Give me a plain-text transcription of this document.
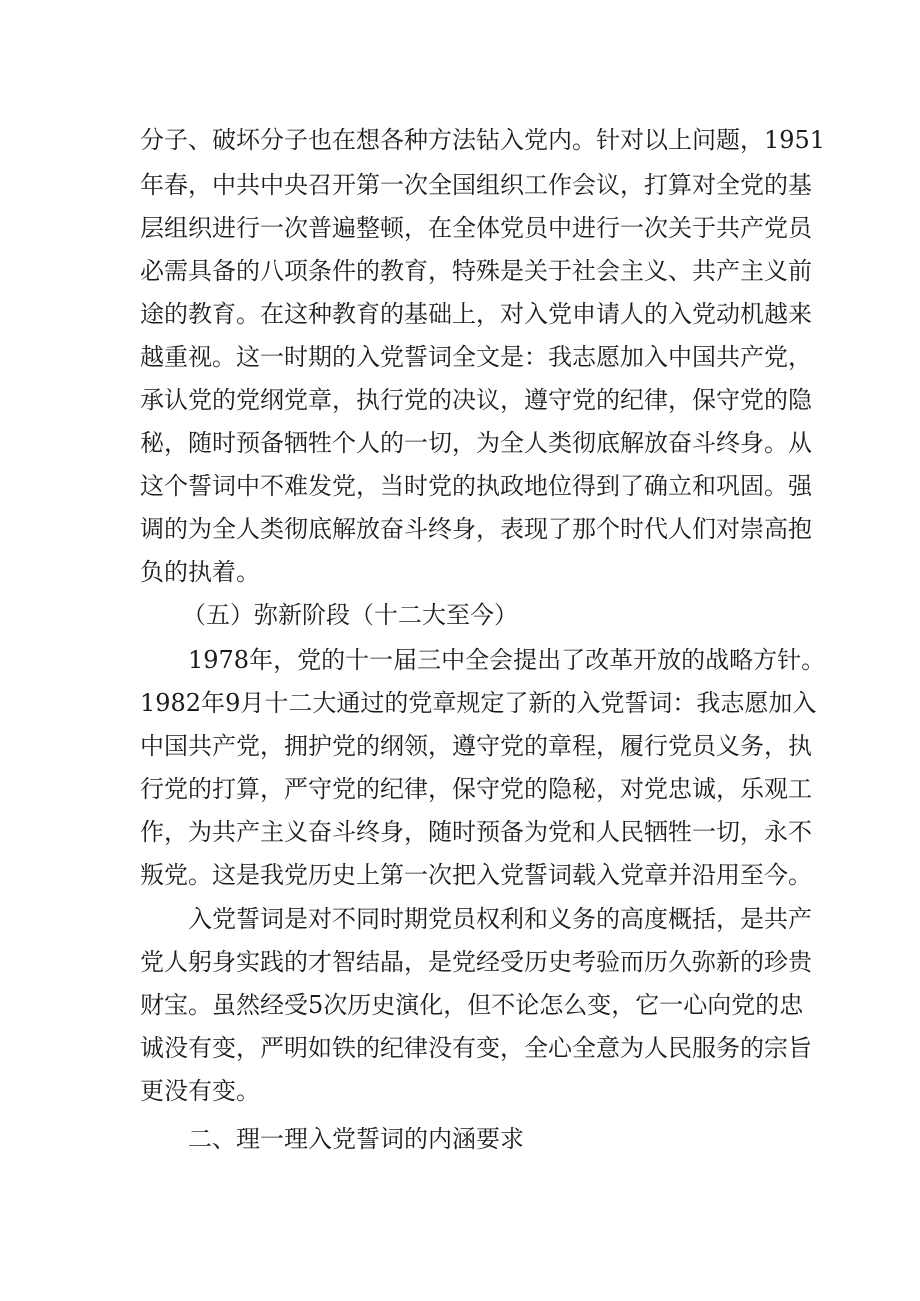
分子、破坏分子也在想各种方法钻入党内。针对以上问题，1951
年春，中共中央召开第一次全国组织工作会议，打算对全党的基
层组织进行一次普遍整顿，在全体党员中进行一次关于共产党员
必需具备的八项条件的教育，特殊是关于社会主义、共产主义前
途的教育。在这种教育的基础上，对入党申请人的入党动机越来
越重视。这一时期的入党誓词全文是：我志愿加入中国共产党，
承认党的党纲党章，执行党的决议，遵守党的纪律，保守党的隐
秘，随时预备牺牲个人的一切，为全人类彻底解放奋斗终身。从
这个誓词中不难发党，当时党的执政地位得到了确立和巩固。强
调的为全人类彻底解放奋斗终身，表现了那个时代人们对崇高抱
负的执着。
（五）弥新阶段（十二大至今）
1978年，党的十一届三中全会提出了改革开放的战略方针。
1982年9月十二大通过的党章规定了新的入党誓词：我志愿加入
中国共产党，拥护党的纲领，遵守党的章程，履行党员义务，执
行党的打算，严守党的纪律，保守党的隐秘，对党忠诚，乐观工
作，为共产主义奋斗终身，随时预备为党和人民牺牲一切，永不
叛党。这是我党历史上第一次把入党誓词载入党章并沿用至今。
入党誓词是对不同时期党员权利和义务的高度概括，是共产
党人躬身实践的才智结晶，是党经受历史考验而历久弥新的珍贵
财宝。虽然经受5次历史演化，但不论怎么变，它一心向党的忠
诚没有变，严明如铁的纪律没有变，全心全意为人民服务的宗旨
更没有变。
二、理一理入党誓词的内涵要求
